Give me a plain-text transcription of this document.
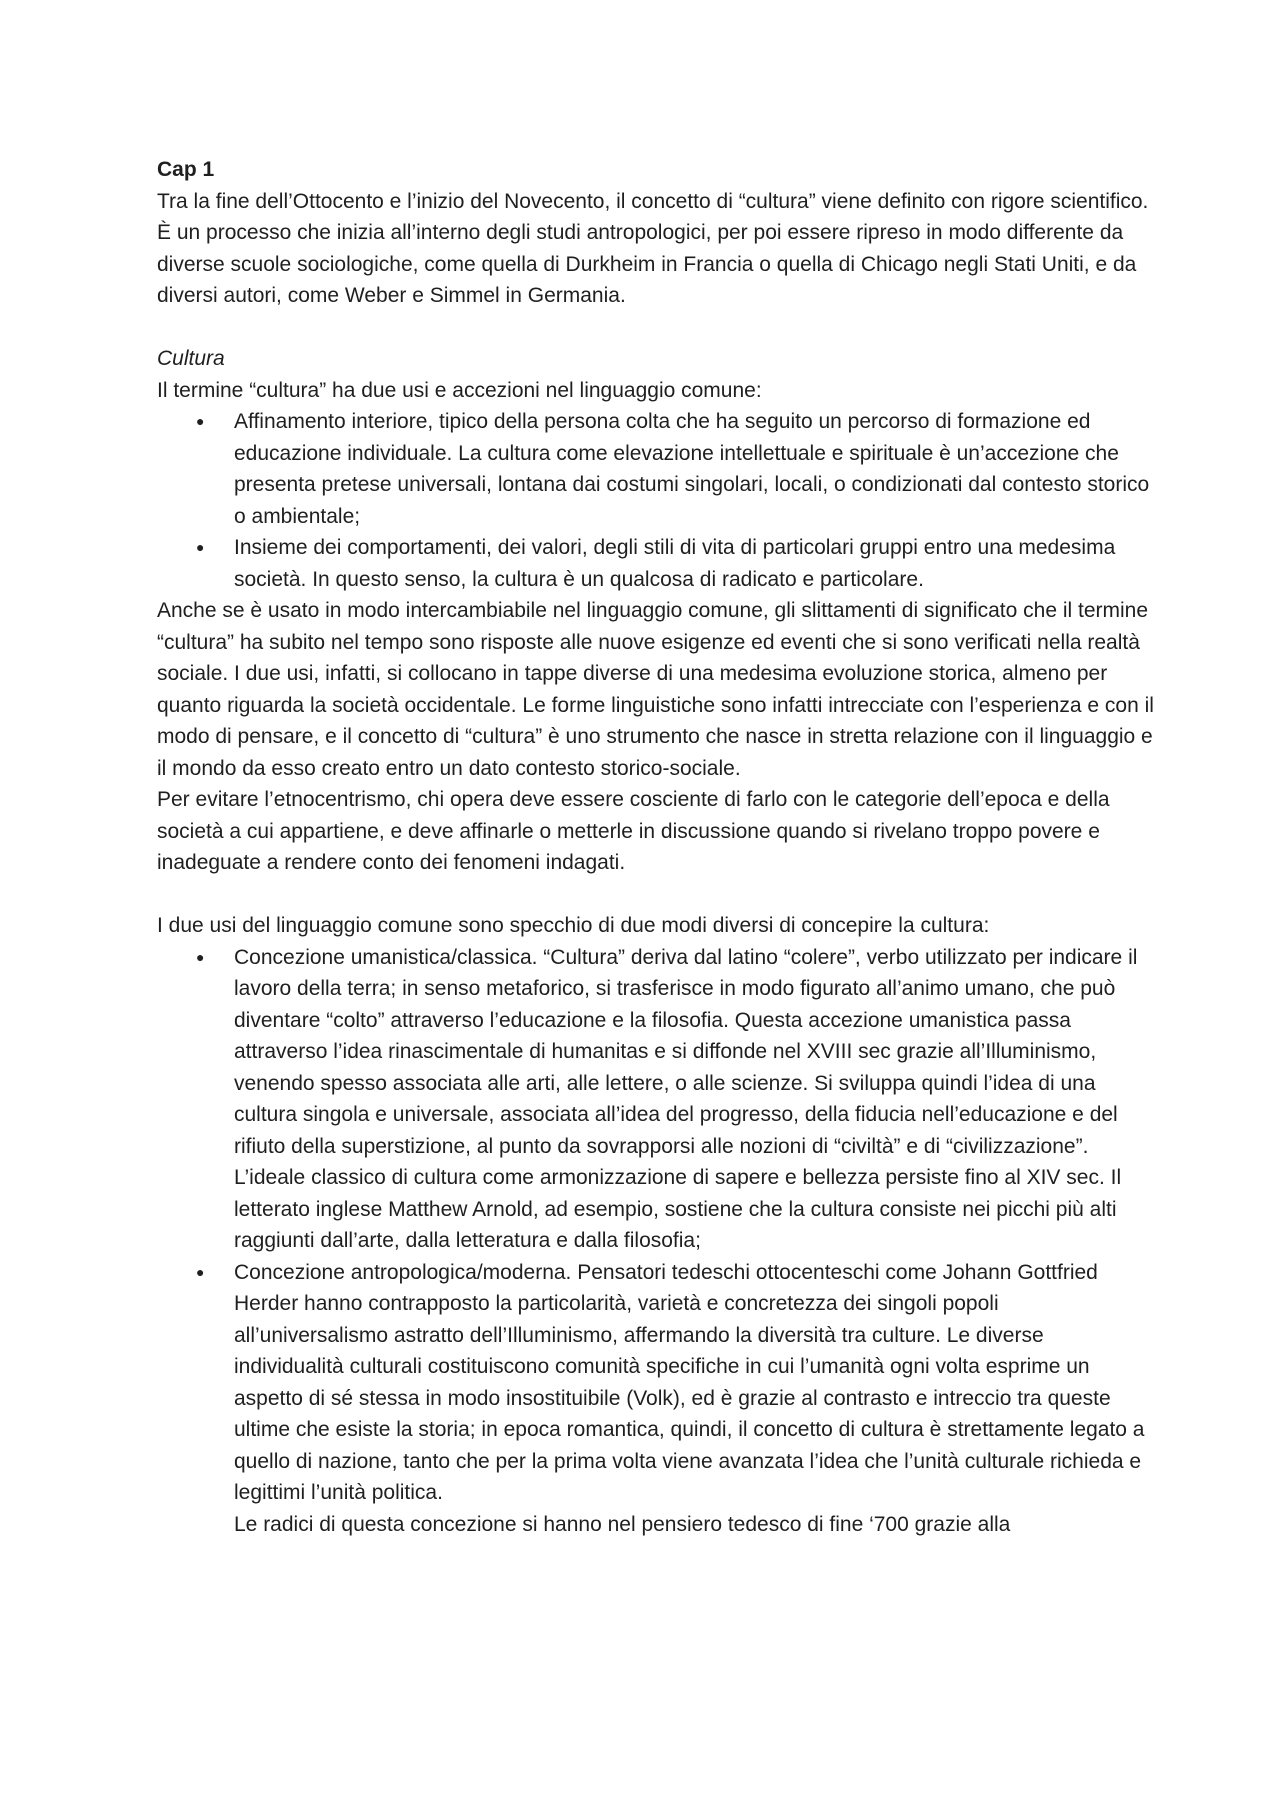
Cap 1

Tra la fine dell’Ottocento e l’inizio del Novecento, il concetto di “cultura” viene definito con rigore scientifico. È un processo che inizia all’interno degli studi antropologici, per poi essere ripreso in modo differente da diverse scuole sociologiche, come quella di Durkheim in Francia o quella di Chicago negli Stati Uniti, e da diversi autori, come Weber e Simmel in Germania.

Cultura

Il termine “cultura” ha due usi e accezioni nel linguaggio comune:

● Affinamento interiore, tipico della persona colta che ha seguito un percorso di formazione ed educazione individuale. La cultura come elevazione intellettuale e spirituale è un’accezione che presenta pretese universali, lontana dai costumi singolari, locali, o condizionati dal contesto storico o ambientale;
● Insieme dei comportamenti, dei valori, degli stili di vita di particolari gruppi entro una medesima società. In questo senso, la cultura è un qualcosa di radicato e particolare.

Anche se è usato in modo intercambiabile nel linguaggio comune, gli slittamenti di significato che il termine “cultura” ha subito nel tempo sono risposte alle nuove esigenze ed eventi che si sono verificati nella realtà sociale. I due usi, infatti, si collocano in tappe diverse di una medesima evoluzione storica, almeno per quanto riguarda la società occidentale. Le forme linguistiche sono infatti intrecciate con l’esperienza e con il modo di pensare, e il concetto di “cultura” è uno strumento che nasce in stretta relazione con il linguaggio e il mondo da esso creato entro un dato contesto storico-sociale.

Per evitare l’etnocentrismo, chi opera deve essere cosciente di farlo con le categorie dell’epoca e della società a cui appartiene, e deve affinarle o metterle in discussione quando si rivelano troppo povere e inadeguate a rendere conto dei fenomeni indagati.

I due usi del linguaggio comune sono specchio di due modi diversi di concepire la cultura:

● Concezione umanistica/classica. “Cultura” deriva dal latino “colere”, verbo utilizzato per indicare il lavoro della terra; in senso metaforico, si trasferisce in modo figurato all’animo umano, che può diventare “colto” attraverso l’educazione e la filosofia. Questa accezione umanistica passa attraverso l’idea rinascimentale di humanitas e si diffonde nel XVIII sec grazie all’Illuminismo, venendo spesso associata alle arti, alle lettere, o alle scienze. Si sviluppa quindi l’idea di una cultura singola e universale, associata all’idea del progresso, della fiducia nell’educazione e del rifiuto della superstizione, al punto da sovrapporsi alle nozioni di “civiltà” e di “civilizzazione”. L’ideale classico di cultura come armonizzazione di sapere e bellezza persiste fino al XIV sec. Il letterato inglese Matthew Arnold, ad esempio, sostiene che la cultura consiste nei picchi più alti raggiunti dall’arte, dalla letteratura e dalla filosofia;
● Concezione antropologica/moderna. Pensatori tedeschi ottocenteschi come Johann Gottfried Herder hanno contrapposto la particolarità, varietà e concretezza dei singoli popoli all’universalismo astratto dell’Illuminismo, affermando la diversità tra culture. Le diverse individualità culturali costituiscono comunità specifiche in cui l’umanità ogni volta esprime un aspetto di sé stessa in modo insostituibile (Volk), ed è grazie al contrasto e intreccio tra queste ultime che esiste la storia; in epoca romantica, quindi, il concetto di cultura è strettamente legato a quello di nazione, tanto che per la prima volta viene avanzata l’idea che l’unità culturale richieda e legittimi l’unità politica.
Le radici di questa concezione si hanno nel pensiero tedesco di fine ‘700 grazie alla
